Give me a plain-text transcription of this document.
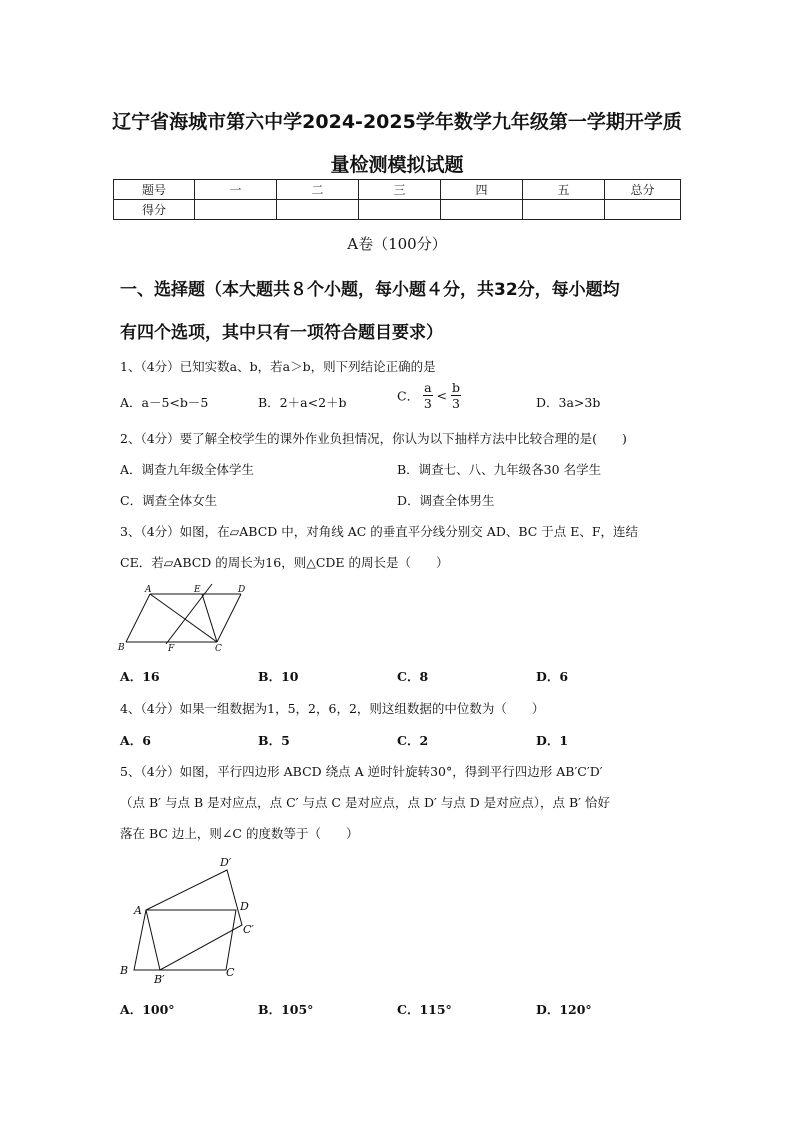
辽宁省海城市第六中学2024-2025学年数学九年级第一学期开学质
量检测模拟试题
题号	一	二	三	四	五	总分
得分						
A卷（100分）
一、选择题（本大题共８个小题，每小题４分，共32分，每小题均
有四个选项，其中只有一项符合题目要求）
1、（4分）已知实数a、b，若a＞b，则下列结论正确的是
A．a－5<b－5	B．2＋a<2＋b	C． $\frac{a}{3} < \frac{b}{3}$	D．3a>3b
2、（4分）要了解全校学生的课外作业负担情况，你认为以下抽样方法中比较合理的是(　　)
A．调查九年级全体学生	B．调查七、八、九年级各30 名学生
C．调查全体女生	D．调查全体男生
3、（4分）如图，在▱ABCD 中，对角线 AC 的垂直平分线分别交 AD、BC 于点 E、F，连结
CE．若▱ABCD 的周长为16，则△CDE 的周长是（　　）
A	E	D
B	F	C
A．16	B．10	C．8	D．6
4、（4分）如果一组数据为1，5，2，6，2，则这组数据的中位数为（　　）
A．6	B．5	C．2	D．1
5、（4分）如图，平行四边形 ABCD 绕点 A 逆时针旋转30°，得到平行四边形 AB′C′D′
（点 B′ 与点 B 是对应点，点 C′ 与点 C 是对应点，点 D′ 与点 D 是对应点），点 B′ 恰好
落在 BC 边上，则∠C 的度数等于（　　）
D′
A	D
C′
B
B′
C
A．100°	B．105°	C．115°	D．120°
